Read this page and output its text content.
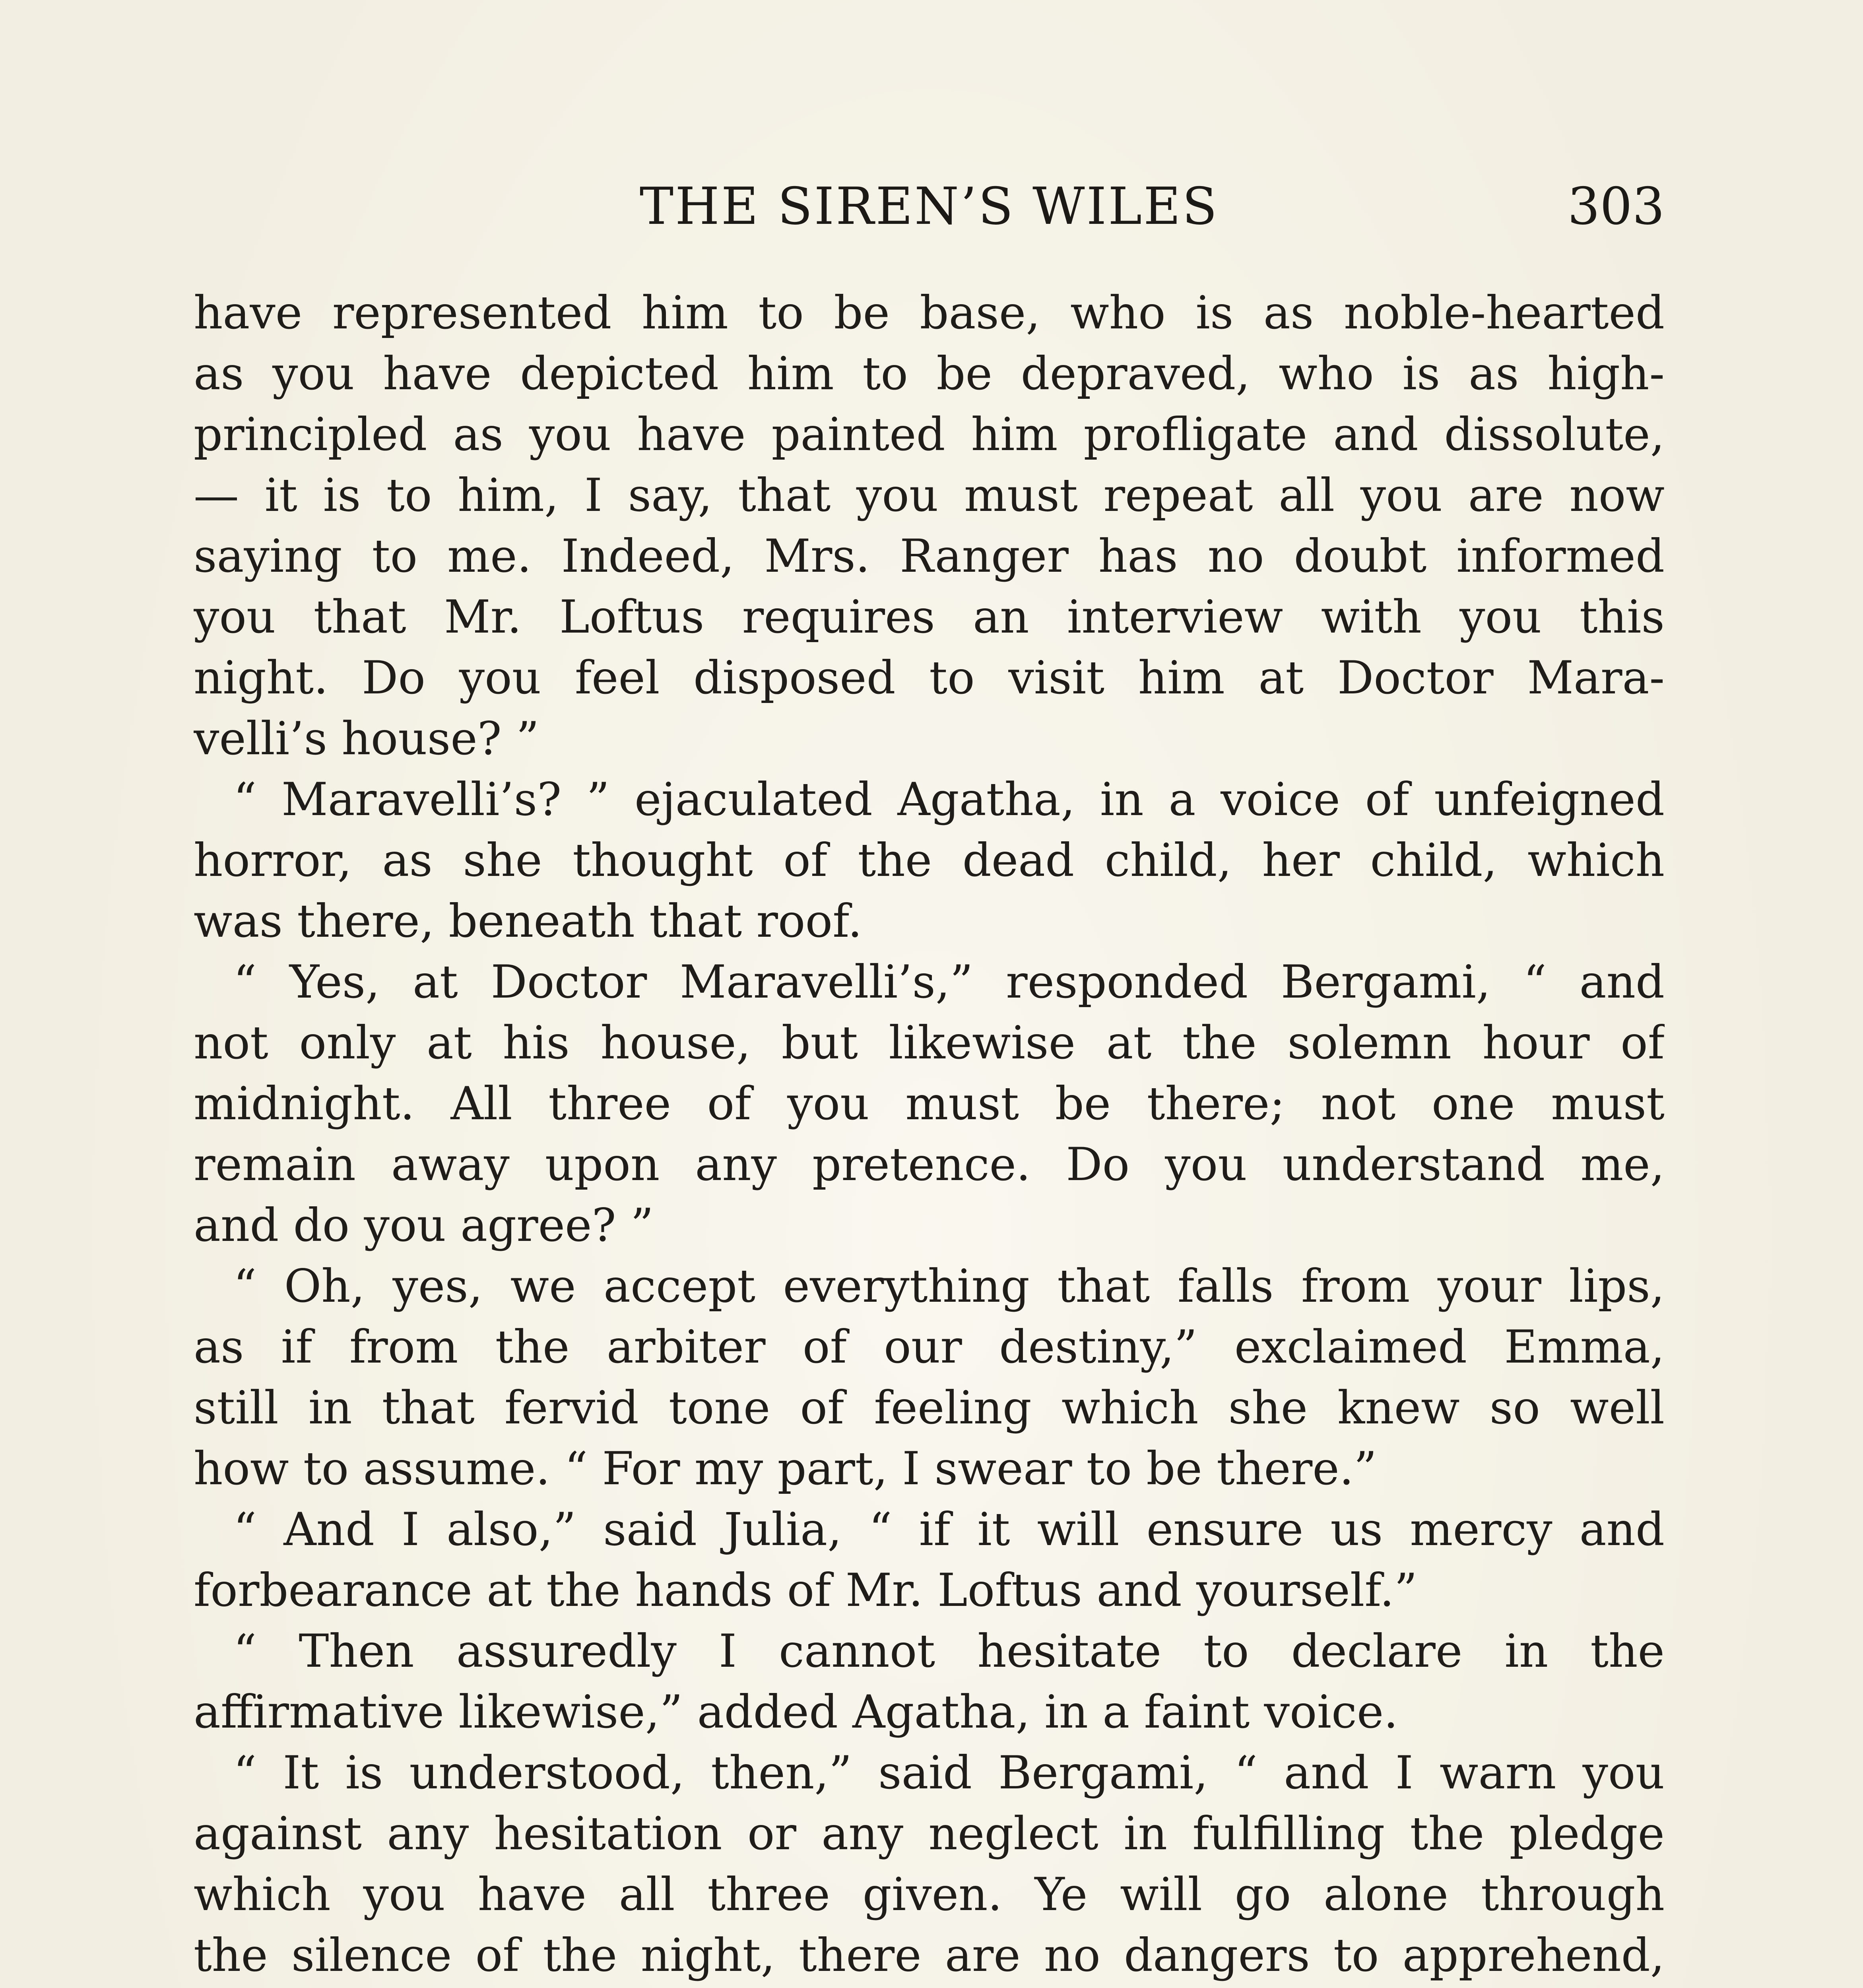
THE SIREN’S WILES	303
have represented him to be base, who is as noble-hearted
as you have depicted him to be depraved, who is as high-
principled as you have painted him profligate and dissolute,
— it is to him, I say, that you must repeat all you are now
saying to me. Indeed, Mrs. Ranger has no doubt informed
you that Mr. Loftus requires an interview with you this
night. Do you feel disposed to visit him at Doctor Mara-
velli’s house? ”
“ Maravelli’s? ” ejaculated Agatha, in a voice of unfeigned
horror, as she thought of the dead child, her child, which
was there, beneath that roof.
“ Yes, at Doctor Maravelli’s,” responded Bergami, “ and
not only at his house, but likewise at the solemn hour of
midnight. All three of you must be there; not one must
remain away upon any pretence. Do you understand me,
and do you agree? ”
“ Oh, yes, we accept everything that falls from your lips,
as if from the arbiter of our destiny,” exclaimed Emma,
still in that fervid tone of feeling which she knew so well
how to assume. “ For my part, I swear to be there.”
“ And I also,” said Julia, “ if it will ensure us mercy and
forbearance at the hands of Mr. Loftus and yourself.”
“ Then assuredly I cannot hesitate to declare in the
affirmative likewise,” added Agatha, in a faint voice.
“ It is understood, then,” said Bergami, “ and I warn you
against any hesitation or any neglect in fulfilling the pledge
which you have all three given. Ye will go alone through
the silence of the night, there are no dangers to apprehend,
